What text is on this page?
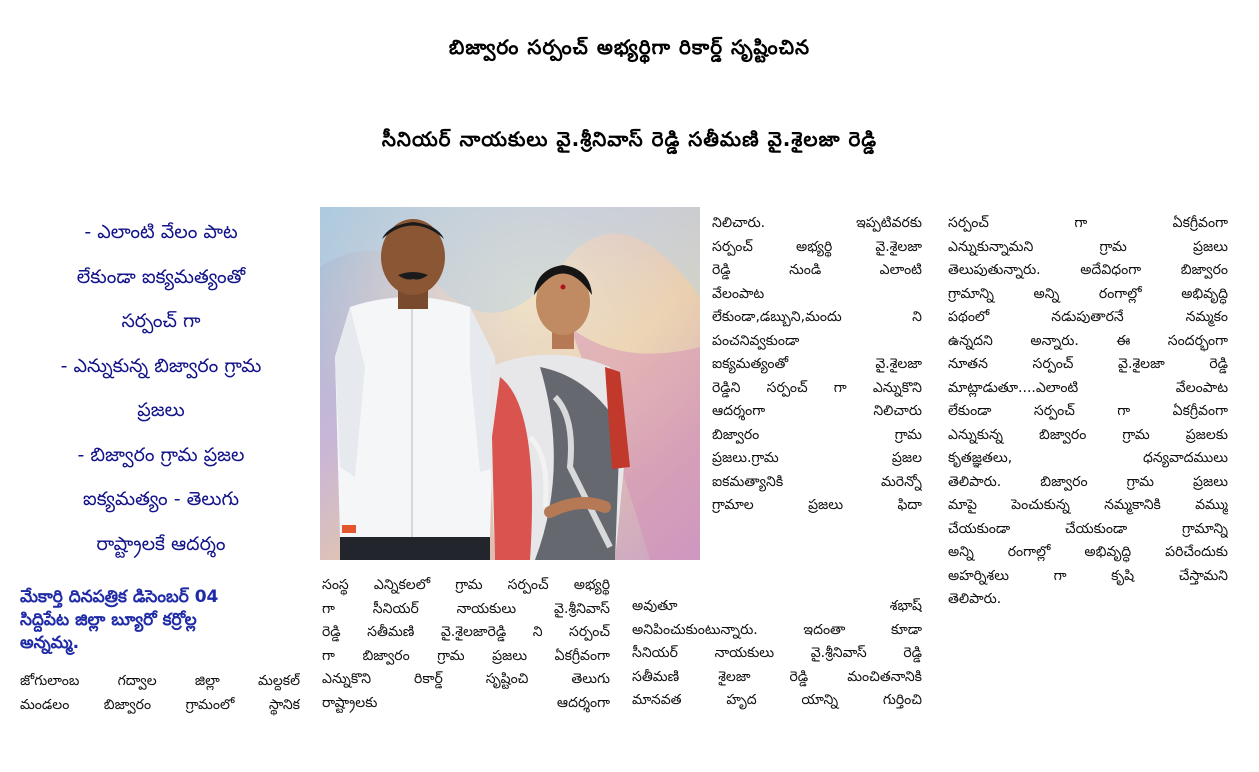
బిజ్వారం సర్పంచ్ అభ్యర్థిగా రికార్డ్ సృష్టించిన
సీనియర్ నాయకులు వై.శ్రీనివాస్ రెడ్డి సతీమణి వై.శైలజా రెడ్డి
- ఎలాంటి వేలం పాట
లేకుండా ఐక్యమత్యంతో
సర్పంచ్ గా
- ఎన్నుకున్న బిజ్వారం గ్రామ
ప్రజలు
- బిజ్వారం గ్రామ ప్రజల
ఐక్యమత్యం - తెలుగు
రాష్ట్రాలకే ఆదర్శం
మేకార్తి దినపత్రిక డిసెంబర్ 04
సిద్దిపేట జిల్లా బ్యూరో కర్రోల్ల
అన్నమ్మ.
జోగులాంబ గద్వాల జిల్లా మల్దకల్
మండలం బిజ్వారం గ్రామంలో స్థానిక
సంస్థ ఎన్నికలలో గ్రామ సర్పంచ్ అభ్యర్థి
గా సీనియర్ నాయకులు వై.శ్రీనివాస్
రెడ్డి సతీమణి వై.శైలజారెడ్డి ని సర్పంచ్
గా బిజ్వారం గ్రామ ప్రజలు ఏకగ్రీవంగా
ఎన్నుకొని రికార్డ్ సృష్టించి తెలుగు
రాష్ట్రాలకు ఆదర్శంగా
అవుతూ శభాష్
అనిపించుకుంటున్నారు. ఇదంతా కూడా
సీనియర్ నాయకులు వై.శ్రీనివాస్ రెడ్డి
సతీమణి శైలజా రెడ్డి మంచితనానికి
మానవత హృద యాన్ని గుర్తించి
నిలిచారు. ఇప్పటివరకు
సర్పంచ్ అభ్యర్థి వై.శైలజా
రెడ్డి నుండి ఎలాంటి
వేలంపాట
లేకుండా,డబ్బుని,మందు ని
పంచనివ్వకుండా
ఐక్యమత్యంతో వై.శైలజా
రెడ్డిని సర్పంచ్ గా ఎన్నుకొని
ఆదర్శంగా నిలిచారు
బిజ్వారం గ్రామ
ప్రజలు.గ్రామ ప్రజల
ఐకమత్యానికి మరెన్నో
గ్రామాల ప్రజలు ఫిదా
సర్పంచ్ గా ఏకగ్రీవంగా
ఎన్నుకున్నామని గ్రామ ప్రజలు
తెలుపుతున్నారు. అదేవిధంగా బిజ్వారం
గ్రామాన్ని అన్ని రంగాల్లో అభివృద్ధి
పథంలో నడుపుతారనే నమ్మకం
ఉన్నదని అన్నారు. ఈ సందర్భంగా
నూతన సర్పంచ్ వై.శైలజా రెడ్డి
మాట్లాడుతూ....ఎలాంటి వేలంపాట
లేకుండా సర్పంచ్ గా ఏకగ్రీవంగా
ఎన్నుకున్న బిజ్వారం గ్రామ ప్రజలకు
కృతజ్ఞతలు, ధన్యవాదములు
తెలిపారు. బిజ్వారం గ్రామ ప్రజలు
మాపై పెంచుకున్న నమ్మకానికి వమ్ము
చేయకుండా చేయకుండా గ్రామాన్ని
అన్ని రంగాల్లో అభివృద్ధి పరిచేందుకు
అహర్నిశలు గా కృషి చేస్తామని
తెలిపారు.
